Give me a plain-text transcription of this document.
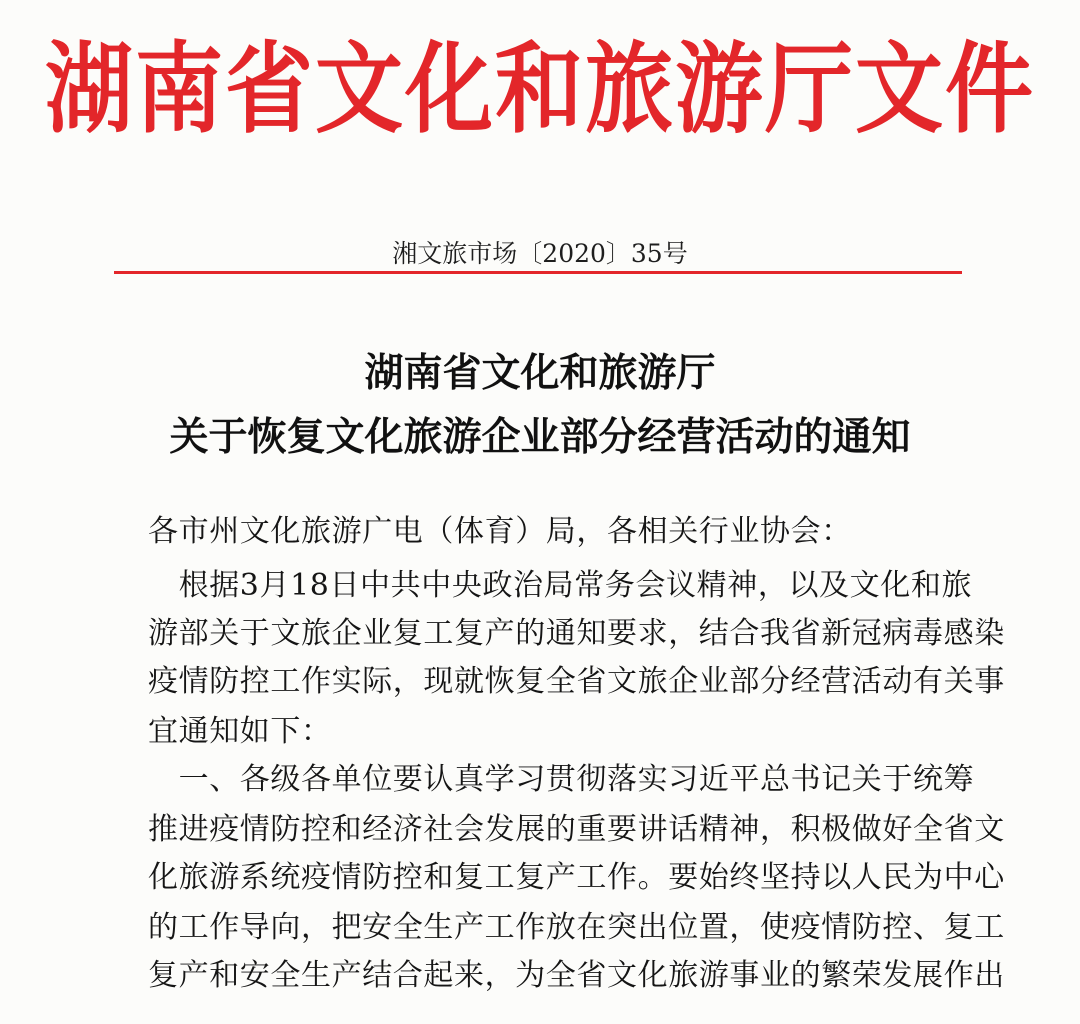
湖南省文化和旅游厅文件
湘文旅市场〔2020〕35号
湖南省文化和旅游厅
关于恢复文化旅游企业部分经营活动的通知
各市州文化旅游广电（体育）局，各相关行业协会：
　根据3月18日中共中央政治局常务会议精神，以及文化和旅
游部关于文旅企业复工复产的通知要求，结合我省新冠病毒感染
疫情防控工作实际，现就恢复全省文旅企业部分经营活动有关事
宜通知如下：
　一、各级各单位要认真学习贯彻落实习近平总书记关于统筹
推进疫情防控和经济社会发展的重要讲话精神，积极做好全省文
化旅游系统疫情防控和复工复产工作。要始终坚持以人民为中心
的工作导向，把安全生产工作放在突出位置，使疫情防控、复工
复产和安全生产结合起来，为全省文化旅游事业的繁荣发展作出
